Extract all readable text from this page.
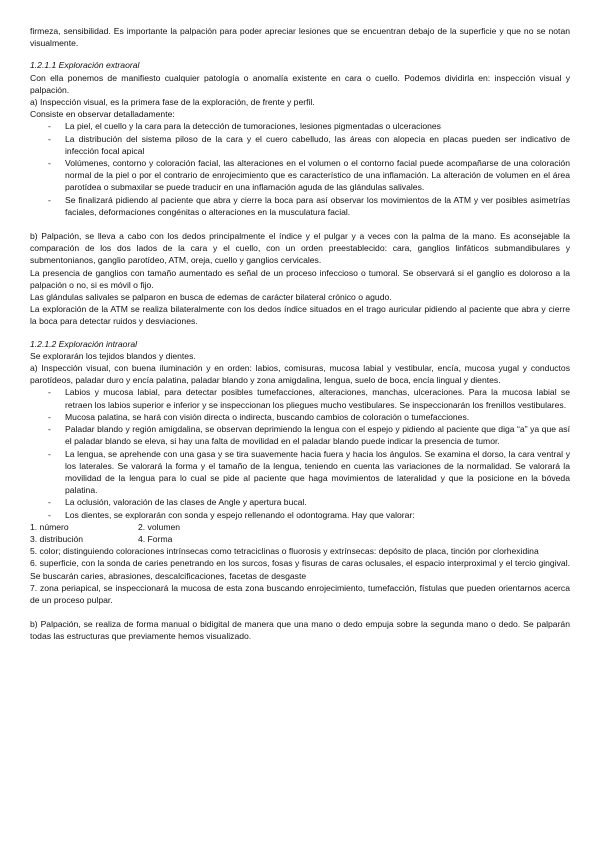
firmeza, sensibilidad. Es importante la palpación para poder apreciar lesiones que se encuentran debajo de la superficie y que no se notan visualmente.

1.2.1.1 Exploración extraoral

Con ella ponemos de manifiesto cualquier patología o anomalía existente en cara o cuello. Podemos dividirla en: inspección visual y palpación.

a) Inspección visual, es la primera fase de la exploración, de frente y perfil.

Consiste en observar detalladamente:

- La piel, el cuello y la cara para la detección de tumoraciones, lesiones pigmentadas o ulceraciones
- La distribución del sistema piloso de la cara y el cuero cabelludo, las áreas con alopecia en placas pueden ser indicativo de infección focal apical
- Volúmenes, contorno y coloración facial, las alteraciones en el volumen o el contorno facial puede acompañarse de una coloración normal de la piel o por el contrario de enrojecimiento que es característico de una inflamación. La alteración de volumen en el área parotídea o submaxilar se puede traducir en una inflamación aguda de las glándulas salivales.
- Se finalizará pidiendo al paciente que abra y cierre la boca para así observar los movimientos de la ATM y ver posibles asimetrías faciales, deformaciones congénitas o alteraciones en la musculatura facial.

b) Palpación, se lleva a cabo con los dedos principalmente el índice y el pulgar y a veces con la palma de la mano. Es aconsejable la comparación de los dos lados de la cara y el cuello, con un orden preestablecido: cara, ganglios linfáticos submandibulares y submentonianos, ganglio parotídeo, ATM, oreja, cuello y ganglios cervicales.

La presencia de ganglios con tamaño aumentado es señal de un proceso infeccioso o tumoral. Se observará si el ganglio es doloroso a la palpación o no, si es móvil o fijo.

Las glándulas salivales se palparon en busca de edemas de carácter bilateral crónico o agudo.

La exploración de la ATM se realiza bilateralmente con los dedos índice situados en el trago auricular pidiendo al paciente que abra y cierre la boca para detectar ruidos y desviaciones.

1.2.1.2 Exploración intraoral

Se explorarán los tejidos blandos y dientes.

a) Inspección visual, con buena iluminación y en orden: labios, comisuras, mucosa labial y vestibular, encía, mucosa yugal y conductos parotídeos, paladar duro y encía palatina, paladar blando y zona amigdalina, lengua, suelo de boca, encía lingual y dientes.

- Labios y mucosa labial, para detectar posibles tumefacciones, alteraciones, manchas, ulceraciones. Para la mucosa labial se retraen los labios superior e inferior y se inspeccionan los pliegues mucho vestibulares. Se inspeccionarán los frenillos vestibulares.
- Mucosa palatina, se hará con visión directa o indirecta, buscando cambios de coloración o tumefacciones.
- Paladar blando y región amigdalina, se observan deprimiendo la lengua con el espejo y pidiendo al paciente que diga “a” ya que así el paladar blando se eleva, si hay una falta de movilidad en el paladar blando puede indicar la presencia de tumor.
- La lengua, se aprehende con una gasa y se tira suavemente hacia fuera y hacia los ángulos. Se examina el dorso, la cara ventral y los laterales. Se valorará la forma y el tamaño de la lengua, teniendo en cuenta las variaciones de la normalidad. Se valorará la movilidad de la lengua para lo cual se pide al paciente que haga movimientos de lateralidad y que la posicione en la bóveda palatina.
- La oclusión, valoración de las clases de Angle y apertura bucal.
- Los dientes, se explorarán con sonda y espejo rellenando el odontograma. Hay que valorar:
1. número	2. volumen
3. distribución	4. Forma

5. color; distinguiendo coloraciones intrínsecas como tetraciclinas o fluorosis y extrínsecas: depósito de placa, tinción por clorhexidina

6. superficie, con la sonda de caries penetrando en los surcos, fosas y fisuras de caras oclusales, el espacio interproximal y el tercio gingival. Se buscarán caries, abrasiones, descalcificaciones, facetas de desgaste

7. zona periapical, se inspeccionará la mucosa de esta zona buscando enrojecimiento, tumefacción, fístulas que pueden orientarnos acerca de un proceso pulpar.

b) Palpación, se realiza de forma manual o bidigital de manera que una mano o dedo empuja sobre la segunda mano o dedo. Se palparán todas las estructuras que previamente hemos visualizado.
